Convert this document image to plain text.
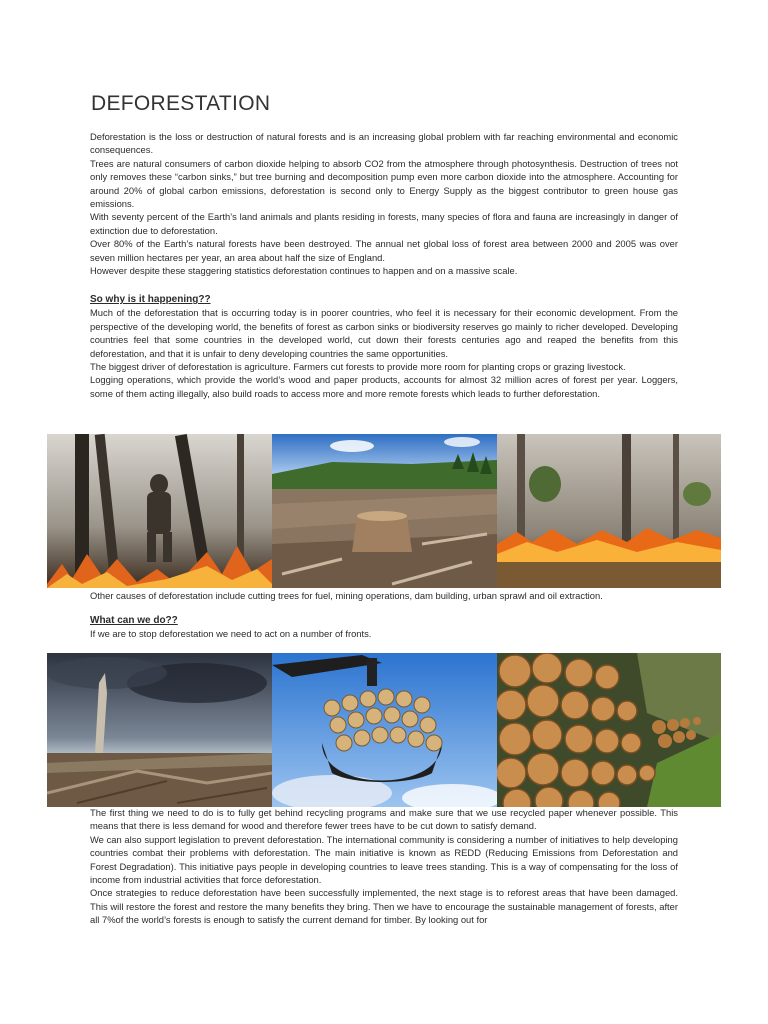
DEFORESTATION

Deforestation is the loss or destruction of natural forests and is an increasing global problem with far reaching environmental and economic consequences.

Trees are natural consumers of carbon dioxide helping to absorb CO2 from the atmosphere through photosynthesis. Destruction of trees not only removes these “carbon sinks,” but tree burning and decomposition pump even more carbon dioxide into the atmosphere. Accounting for around 20% of global carbon emissions, deforestation is second only to Energy Supply as the biggest contributor to green house gas emissions.

With seventy percent of the Earth’s land animals and plants residing in forests, many species of flora and fauna are increasingly in danger of extinction due to deforestation.

Over 80% of the Earth’s natural forests have been destroyed. The annual net global loss of forest area between 2000 and 2005 was over seven million hectares per year, an area about half the size of England.

However despite these staggering statistics deforestation continues to happen and on a massive scale.

So why is it happening??

Much of the deforestation that is occurring today is in poorer countries, who feel it is necessary for their economic development. From the perspective of the developing world, the benefits of forest as carbon sinks or biodiversity reserves go mainly to richer developed. Developing countries feel that some countries in the developed world, cut down their forests centuries ago and reaped the benefits from this deforestation, and that it is unfair to deny developing countries the same opportunities.

The biggest driver of deforestation is agriculture. Farmers cut forests to provide more room for planting crops or grazing livestock.

Logging operations, which provide the world’s wood and paper products, accounts for almost 32 million acres of forest per year. Loggers, some of them acting illegally, also build roads to access more and more remote forests which leads to further deforestation.

Other causes of deforestation include cutting trees for fuel, mining operations, dam building, urban sprawl and oil extraction.

What can we do??

If we are to stop deforestation we need to act on a number of fronts.

The first thing we need to do is to fully get behind recycling programs and make sure that we use recycled paper whenever possible. This means that there is less demand for wood and therefore fewer trees have to be cut down to satisfy demand.

We can also support legislation to prevent deforestation. The international community is considering a number of initiatives to help developing countries combat their problems with deforestation. The main initiative is known as REDD (Reducing Emissions from Deforestation and Forest Degradation). This initiative pays people in developing countries to leave trees standing. This is a way of compensating for the loss of income from industrial activities that force deforestation.

Once strategies to reduce deforestation have been successfully implemented, the next stage is to reforest areas that have been damaged. This will restore the forest and restore the many benefits they bring. Then we have to encourage the sustainable management of forests, after all 7%of the world’s forests is enough to satisfy the current demand for timber. By looking out for
